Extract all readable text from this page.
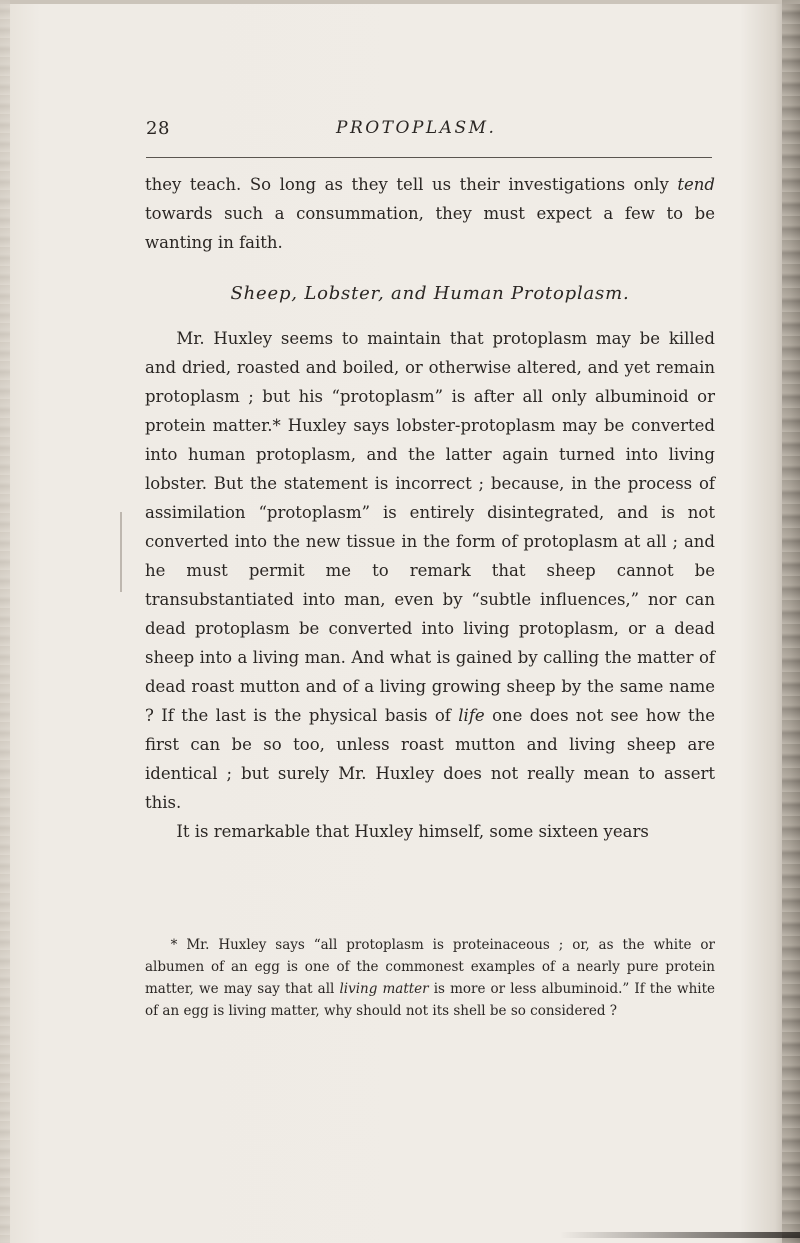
28	PROTOPLASM.

they teach. So long as they tell us their investigations only tend towards such a consummation, they must expect a few to be wanting in faith.

Sheep, Lobster, and Human Protoplasm.

Mr. Huxley seems to maintain that protoplasm may be killed and dried, roasted and boiled, or otherwise altered, and yet remain protoplasm ; but his “protoplasm” is after all only albuminoid or protein matter.* Huxley says lobster-protoplasm may be converted into human protoplasm, and the latter again turned into living lobster. But the statement is incorrect ; because, in the process of assimilation “protoplasm” is entirely disintegrated, and is not converted into the new tissue in the form of protoplasm at all ; and he must permit me to remark that sheep cannot be transubstantiated into man, even by “subtle influences,” nor can dead protoplasm be converted into living protoplasm, or a dead sheep into a living man. And what is gained by calling the matter of dead roast mutton and of a living growing sheep by the same name ? If the last is the physical basis of life one does not see how the first can be so too, unless roast mutton and living sheep are identical ; but surely Mr. Huxley does not really mean to assert this.

It is remarkable that Huxley himself, some sixteen years

* Mr. Huxley says “all protoplasm is proteinaceous ; or, as the white or albumen of an egg is one of the commonest examples of a nearly pure protein matter, we may say that all living matter is more or less albuminoid.” If the white of an egg is living matter, why should not its shell be so considered ?
